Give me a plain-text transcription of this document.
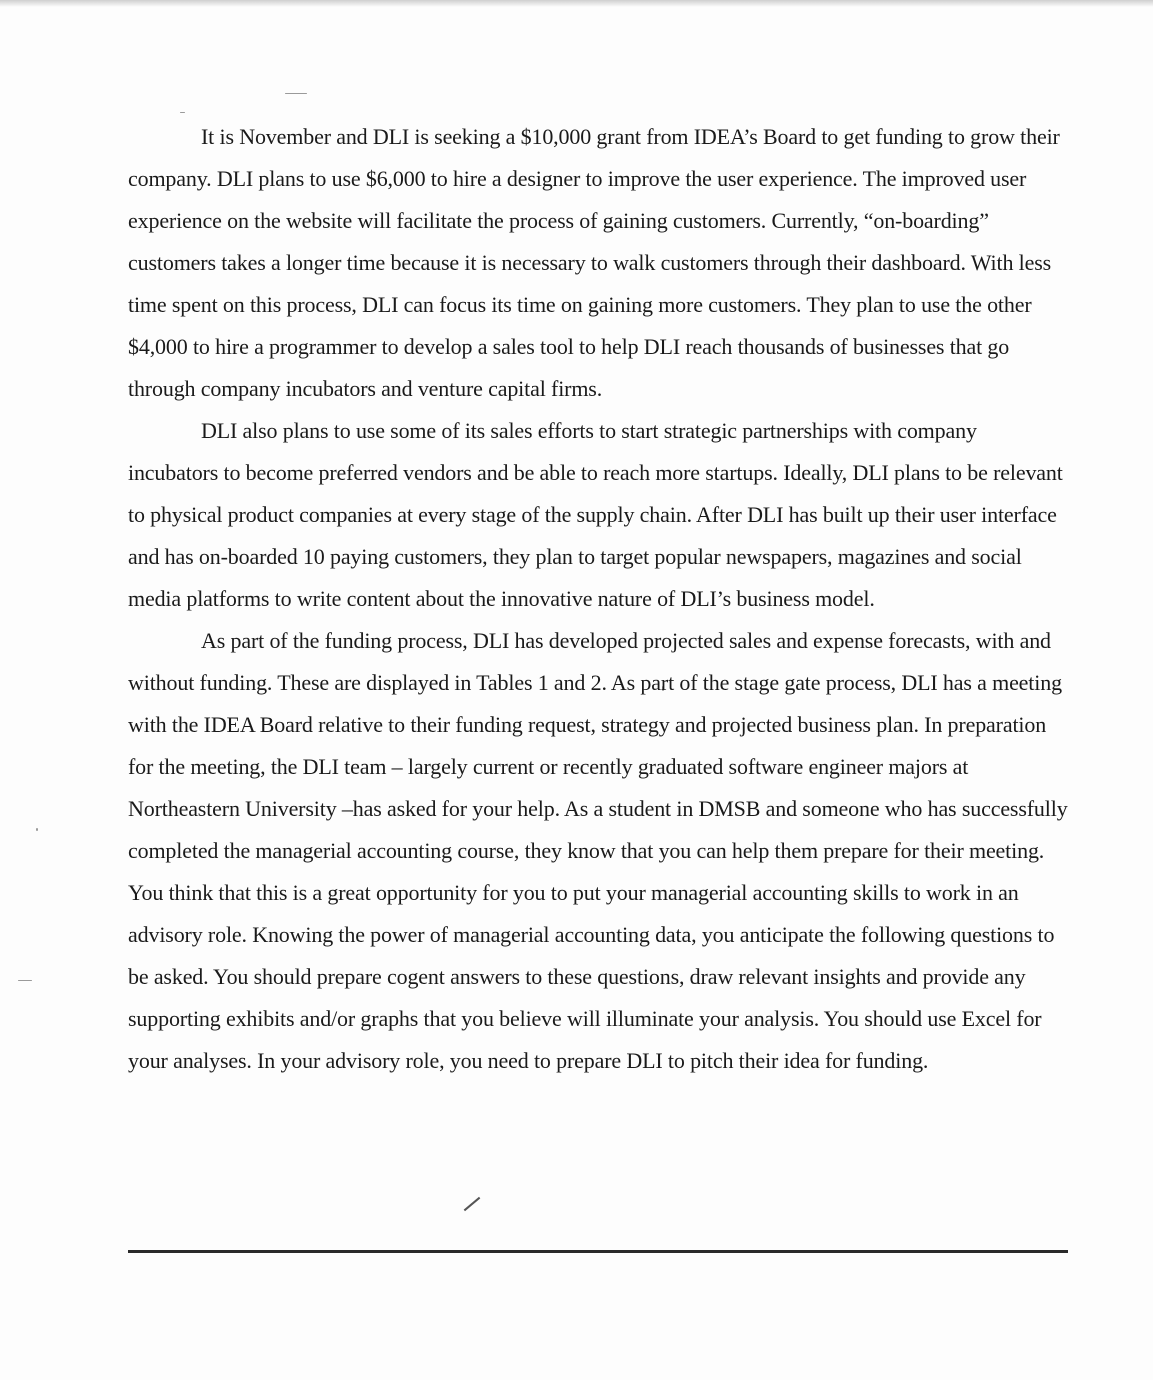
It is November and DLI is seeking a $10,000 grant from IDEA’s Board to get funding to grow their company. DLI plans to use $6,000 to hire a designer to improve the user experience. The improved user experience on the website will facilitate the process of gaining customers. Currently, “on-boarding” customers takes a longer time because it is necessary to walk customers through their dashboard. With less time spent on this process, DLI can focus its time on gaining more customers. They plan to use the other $4,000 to hire a programmer to develop a sales tool to help DLI reach thousands of businesses that go through company incubators and venture capital firms.

DLI also plans to use some of its sales efforts to start strategic partnerships with company incubators to become preferred vendors and be able to reach more startups. Ideally, DLI plans to be relevant to physical product companies at every stage of the supply chain. After DLI has built up their user interface and has on-boarded 10 paying customers, they plan to target popular newspapers, magazines and social media platforms to write content about the innovative nature of DLI’s business model.

As part of the funding process, DLI has developed projected sales and expense forecasts, with and without funding. These are displayed in Tables 1 and 2. As part of the stage gate process, DLI has a meeting with the IDEA Board relative to their funding request, strategy and projected business plan. In preparation for the meeting, the DLI team – largely current or recently graduated software engineer majors at Northeastern University –has asked for your help. As a student in DMSB and someone who has successfully completed the managerial accounting course, they know that you can help them prepare for their meeting. You think that this is a great opportunity for you to put your managerial accounting skills to work in an advisory role. Knowing the power of managerial accounting data, you anticipate the following questions to be asked. You should prepare cogent answers to these questions, draw relevant insights and provide any supporting exhibits and/or graphs that you believe will illuminate your analysis. You should use Excel for your analyses. In your advisory role, you need to prepare DLI to pitch their idea for funding.
